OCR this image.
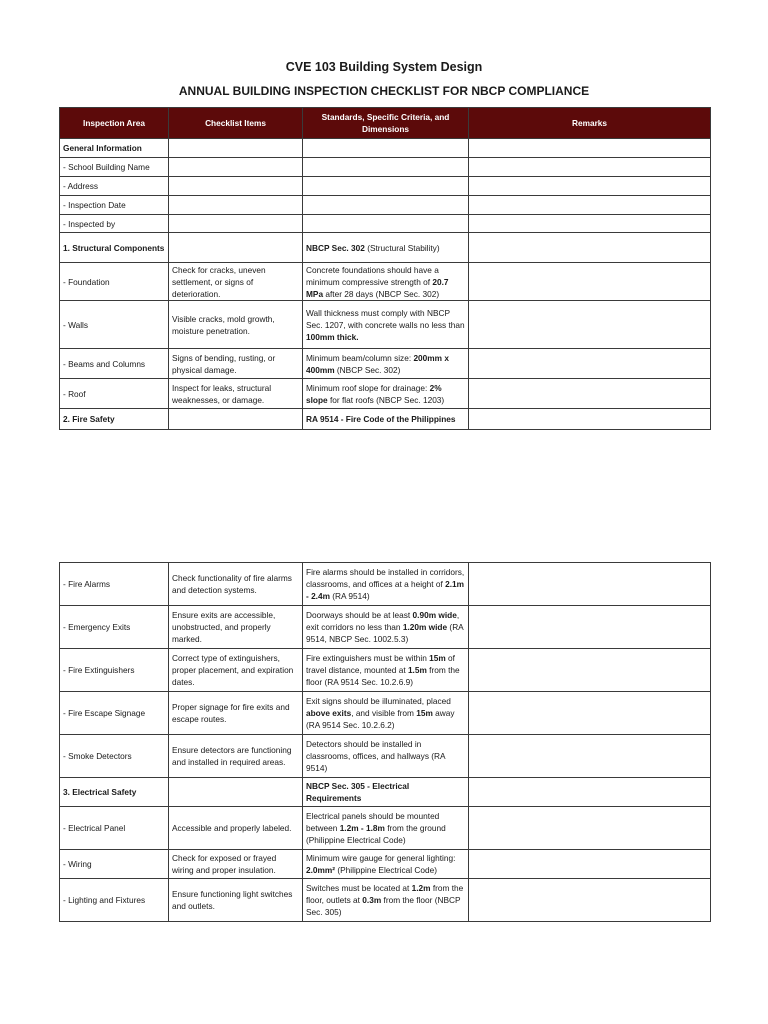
CVE 103 Building System Design
ANNUAL BUILDING INSPECTION CHECKLIST FOR NBCP COMPLIANCE
Inspection Area	Checklist Items	Standards, Specific Criteria, and Dimensions	Remarks
General Information			
- School Building Name			
- Address			
- Inspection Date			
- Inspected by			
1. Structural Components		NBCP Sec. 302 (Structural Stability)	
- Foundation	Check for cracks, uneven settlement, or signs of deterioration.	Concrete foundations should have a minimum compressive strength of 20.7 MPa after 28 days (NBCP Sec. 302)	
- Walls	Visible cracks, mold growth, moisture penetration.	Wall thickness must comply with NBCP Sec. 1207, with concrete walls no less than 100mm thick.	
- Beams and Columns	Signs of bending, rusting, or physical damage.	Minimum beam/column size: 200mm x 400mm (NBCP Sec. 302)	
- Roof	Inspect for leaks, structural weaknesses, or damage.	Minimum roof slope for drainage: 2% slope for flat roofs (NBCP Sec. 1203)	
2. Fire Safety		RA 9514 - Fire Code of the Philippines	
- Fire Alarms	Check functionality of fire alarms and detection systems.	Fire alarms should be installed in corridors, classrooms, and offices at a height of 2.1m - 2.4m (RA 9514)	
- Emergency Exits	Ensure exits are accessible, unobstructed, and properly marked.	Doorways should be at least 0.90m wide, exit corridors no less than 1.20m wide (RA 9514, NBCP Sec. 1002.5.3)	
- Fire Extinguishers	Correct type of extinguishers, proper placement, and expiration dates.	Fire extinguishers must be within 15m of travel distance, mounted at 1.5m from the floor (RA 9514 Sec. 10.2.6.9)	
- Fire Escape Signage	Proper signage for fire exits and escape routes.	Exit signs should be illuminated, placed above exits, and visible from 15m away (RA 9514 Sec. 10.2.6.2)	
- Smoke Detectors	Ensure detectors are functioning and installed in required areas.	Detectors should be installed in classrooms, offices, and hallways (RA 9514)	
3. Electrical Safety		NBCP Sec. 305 - Electrical Requirements	
- Electrical Panel	Accessible and properly labeled.	Electrical panels should be mounted between 1.2m - 1.8m from the ground (Philippine Electrical Code)	
- Wiring	Check for exposed or frayed wiring and proper insulation.	Minimum wire gauge for general lighting: 2.0mm² (Philippine Electrical Code)	
- Lighting and Fixtures	Ensure functioning light switches and outlets.	Switches must be located at 1.2m from the floor, outlets at 0.3m from the floor (NBCP Sec. 305)	
